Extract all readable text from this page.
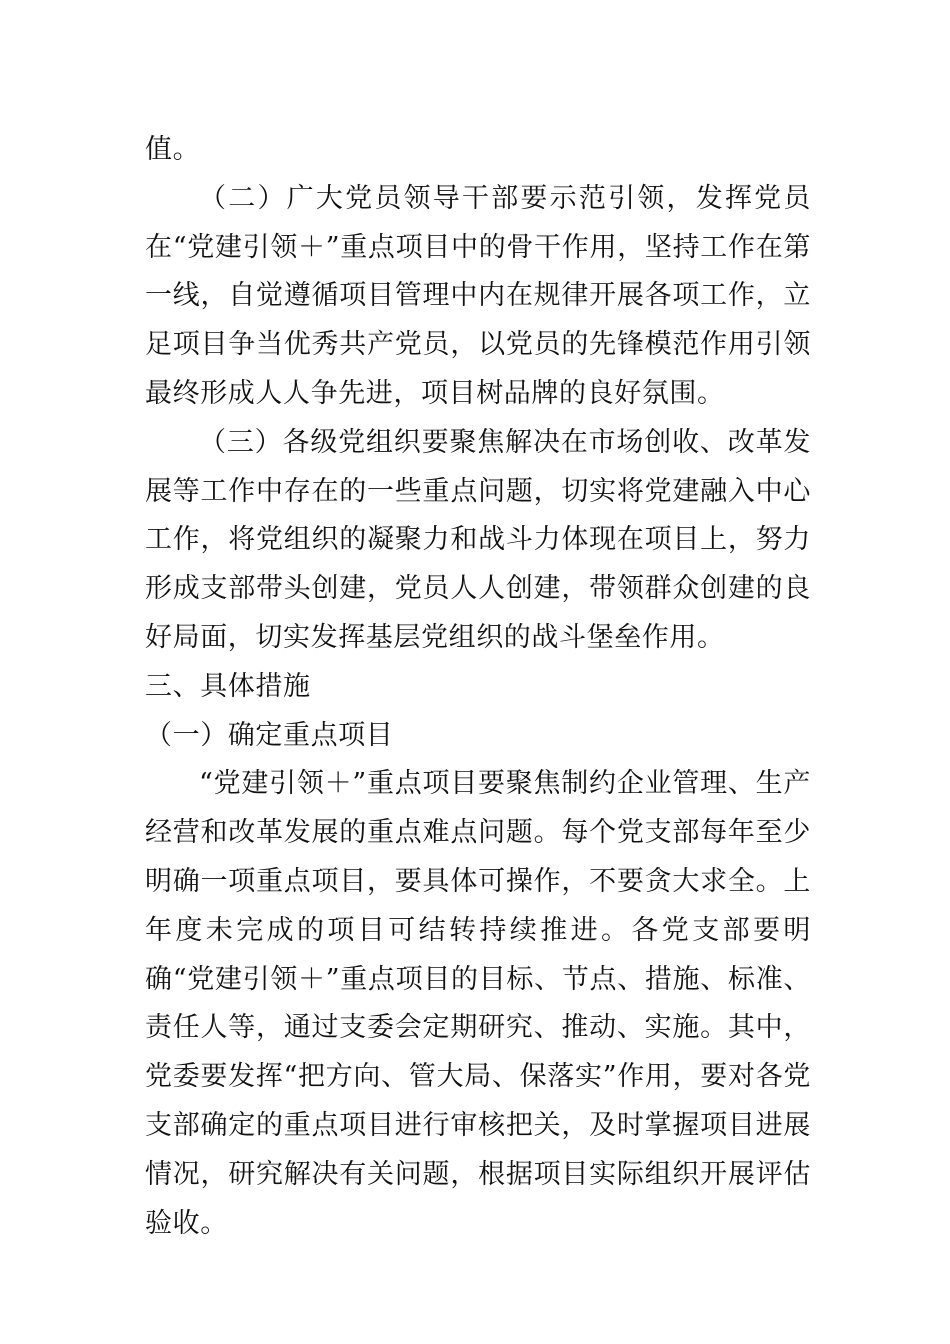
值。

（二）广大党员领导干部要示范引领，发挥党员在“党建引领＋”重点项目中的骨干作用，坚持工作在第一线，自觉遵循项目管理中内在规律开展各项工作，立足项目争当优秀共产党员，以党员的先锋模范作用引领最终形成人人争先进，项目树品牌的良好氛围。

（三）各级党组织要聚焦解决在市场创收、改革发展等工作中存在的一些重点问题，切实将党建融入中心工作，将党组织的凝聚力和战斗力体现在项目上，努力形成支部带头创建，党员人人创建，带领群众创建的良好局面，切实发挥基层党组织的战斗堡垒作用。

三、具体措施

（一）确定重点项目

“党建引领＋”重点项目要聚焦制约企业管理、生产经营和改革发展的重点难点问题。每个党支部每年至少明确一项重点项目，要具体可操作，不要贪大求全。上年度未完成的项目可结转持续推进。各党支部要明确“党建引领＋”重点项目的目标、节点、措施、标准、责任人等，通过支委会定期研究、推动、实施。其中，党委要发挥“把方向、管大局、保落实”作用，要对各党支部确定的重点项目进行审核把关，及时掌握项目进展情况，研究解决有关问题，根据项目实际组织开展评估验收。
